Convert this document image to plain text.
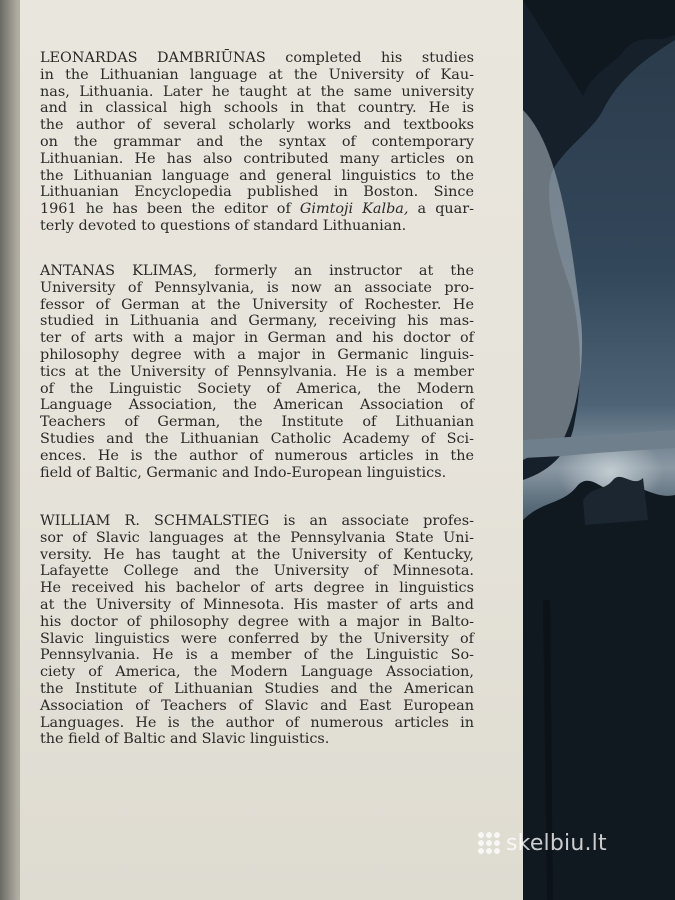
LEONARDAS DAMBRIŪNAS completed his studies
in the Lithuanian language at the University of Kau-
nas, Lithuania. Later he taught at the same university
and in classical high schools in that country. He is
the author of several scholarly works and textbooks
on the grammar and the syntax of contemporary
Lithuanian. He has also contributed many articles on
the Lithuanian language and general linguistics to the
Lithuanian Encyclopedia published in Boston. Since
1961 he has been the editor of Gimtoji Kalba, a quar-
terly devoted to questions of standard Lithuanian.

ANTANAS KLIMAS, formerly an instructor at the
University of Pennsylvania, is now an associate pro-
fessor of German at the University of Rochester. He
studied in Lithuania and Germany, receiving his mas-
ter of arts with a major in German and his doctor of
philosophy degree with a major in Germanic linguis-
tics at the University of Pennsylvania. He is a member
of the Linguistic Society of America, the Modern
Language Association, the American Association of
Teachers of German, the Institute of Lithuanian
Studies and the Lithuanian Catholic Academy of Sci-
ences. He is the author of numerous articles in the
field of Baltic, Germanic and Indo-European linguistics.

WILLIAM R. SCHMALSTIEG is an associate profes-
sor of Slavic languages at the Pennsylvania State Uni-
versity. He has taught at the University of Kentucky,
Lafayette College and the University of Minnesota.
He received his bachelor of arts degree in linguistics
at the University of Minnesota. His master of arts and
his doctor of philosophy degree with a major in Balto-
Slavic linguistics were conferred by the University of
Pennsylvania. He is a member of the Linguistic So-
ciety of America, the Modern Language Association,
the Institute of Lithuanian Studies and the American
Association of Teachers of Slavic and East European
Languages. He is the author of numerous articles in
the field of Baltic and Slavic linguistics.

skelbiu.lt
